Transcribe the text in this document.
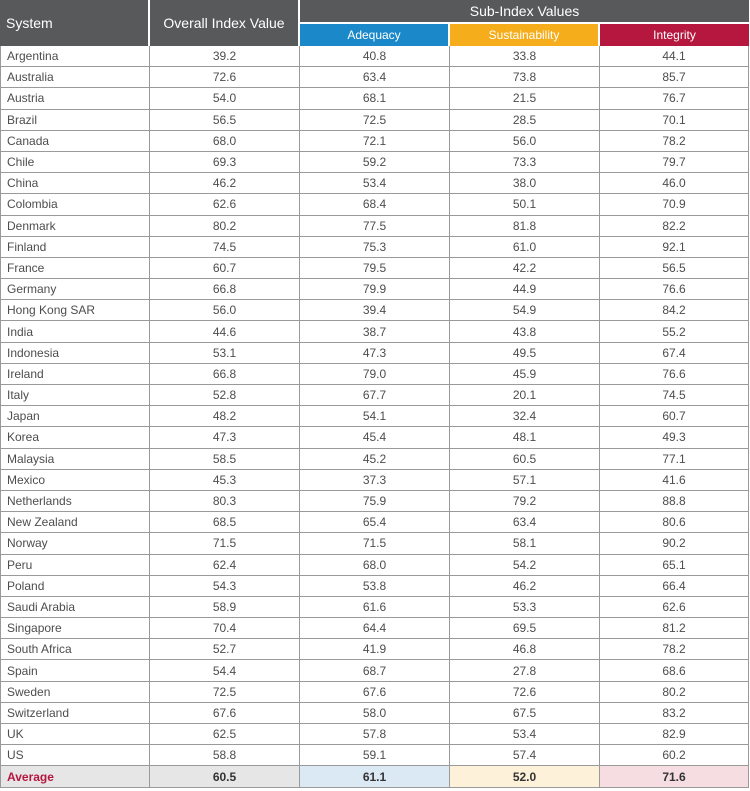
System	Overall Index Value	Sub-Index Values		
		Adequacy	Sustainability	Integrity
Argentina	39.2	40.8	33.8	44.1
Australia	72.6	63.4	73.8	85.7
Austria	54.0	68.1	21.5	76.7
Brazil	56.5	72.5	28.5	70.1
Canada	68.0	72.1	56.0	78.2
Chile	69.3	59.2	73.3	79.7
China	46.2	53.4	38.0	46.0
Colombia	62.6	68.4	50.1	70.9
Denmark	80.2	77.5	81.8	82.2
Finland	74.5	75.3	61.0	92.1
France	60.7	79.5	42.2	56.5
Germany	66.8	79.9	44.9	76.6
Hong Kong SAR	56.0	39.4	54.9	84.2
India	44.6	38.7	43.8	55.2
Indonesia	53.1	47.3	49.5	67.4
Ireland	66.8	79.0	45.9	76.6
Italy	52.8	67.7	20.1	74.5
Japan	48.2	54.1	32.4	60.7
Korea	47.3	45.4	48.1	49.3
Malaysia	58.5	45.2	60.5	77.1
Mexico	45.3	37.3	57.1	41.6
Netherlands	80.3	75.9	79.2	88.8
New Zealand	68.5	65.4	63.4	80.6
Norway	71.5	71.5	58.1	90.2
Peru	62.4	68.0	54.2	65.1
Poland	54.3	53.8	46.2	66.4
Saudi Arabia	58.9	61.6	53.3	62.6
Singapore	70.4	64.4	69.5	81.2
South Africa	52.7	41.9	46.8	78.2
Spain	54.4	68.7	27.8	68.6
Sweden	72.5	67.6	72.6	80.2
Switzerland	67.6	58.0	67.5	83.2
UK	62.5	57.8	53.4	82.9
US	58.8	59.1	57.4	60.2
Average	60.5	61.1	52.0	71.6
